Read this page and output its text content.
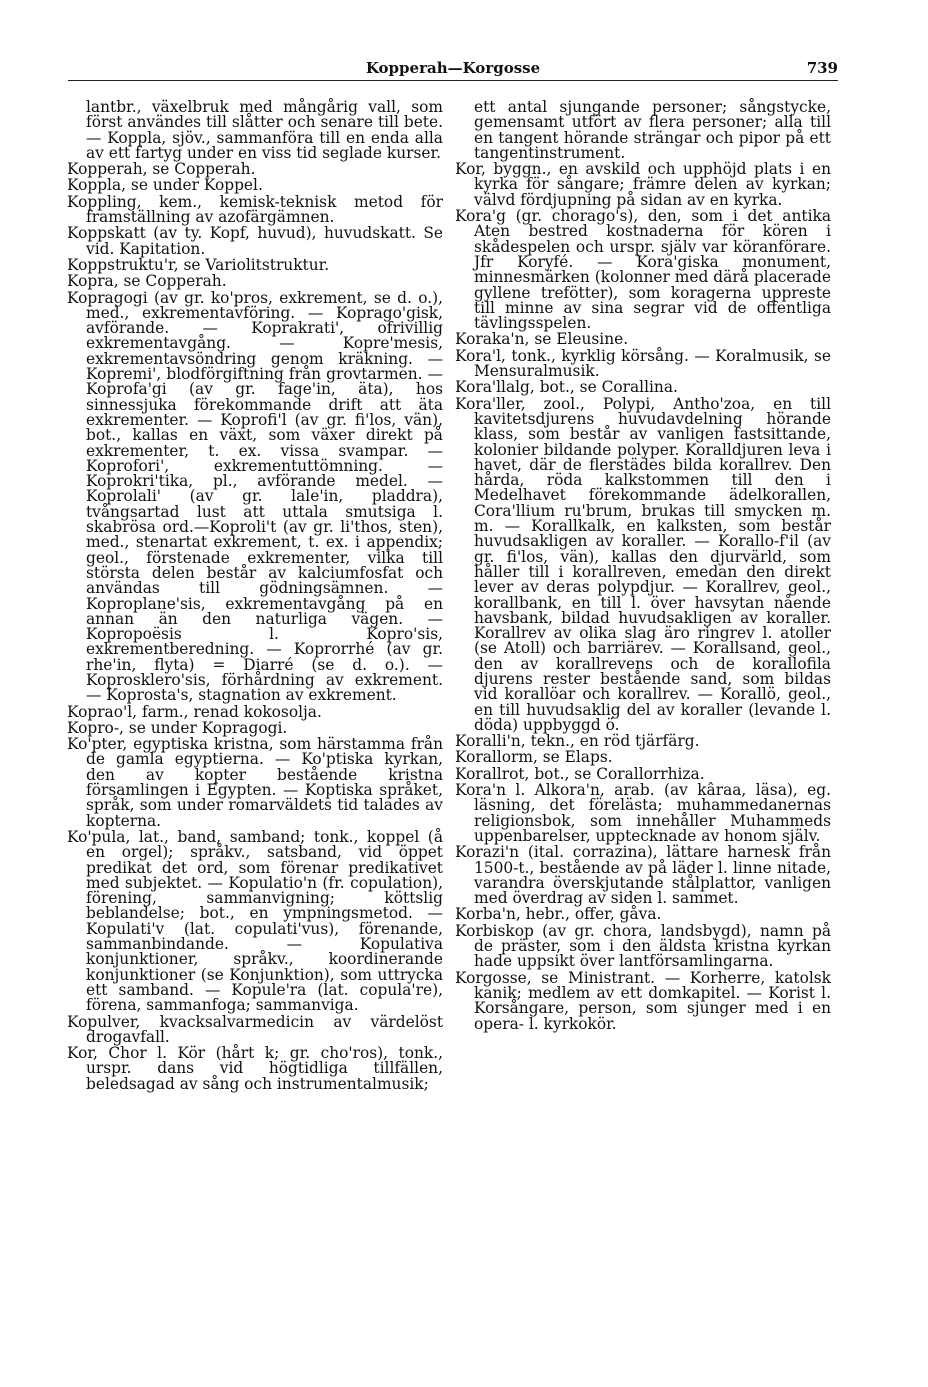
Kopperah—Korgosse	739

lantbr., växelbruk med mångårig vall, som först användes till slåtter och senare till bete. — Koppla, sjöv., sammanföra till en enda alla av ett fartyg under en viss tid seglade kurser.

Kopperah, se Copperah.

Koppla, se under Koppel.

Koppling, kem., kemisk-teknisk metod för framställning av azofärgämnen.

Koppskatt (av ty. Kopf, huvud), huvudskatt. Se vid. Kapitation.

Koppstruktu'r, se Variolitstruktur.

Kopra, se Copperah.

Kopragogi (av gr. ko'pros, exkrement, se d. o.), med., exkrementavföring. — Koprago'gisk, avförande. — Koprakrati', ofrivillig exkrementavgång. — Kopre'mesis, exkrementavsöndring genom kräkning. — Kopremi', blodförgiftning från grovtarmen. — Koprofa'gi (av gr. fage'in, äta), hos sinnessjuka förekommande drift att äta exkrementer. — Koprofi'l (av gr. fi'los, vän), bot., kallas en växt, som växer direkt på exkrementer, t. ex. vissa svampar. — Koprofori', exkrementuttömning. — Koprokri'tika, pl., avförande medel. — Koprolali' (av gr. lale'in, pladdra), tvångsartad lust att uttala smutsiga l. skabrösa ord.—Koproli't (av gr. li'thos, sten), med., stenartat exkrement, t. ex. i appendix; geol., förstenade exkrementer, vilka till största delen består av kalciumfosfat och användas till gödningsämnen. — Koproplane'sis, exkrementavgång på en annan än den naturliga vägen. — Kopropoësis l. Kopro'sis, exkrementberedning. — Koprorrhé (av gr. rhe'in, flyta) = Diarré (se d. o.). — Koprosklero'sis, förhårdning av exkrement. — Koprosta's, stagnation av exkrement.

Koprao'l, farm., renad kokosolja.

Kopro-, se under Kopragogi.

Ko'pter, egyptiska kristna, som härstamma från de gamla egyptierna. — Ko'ptiska kyrkan, den av kopter bestående kristna församlingen i Egypten. — Koptiska språket, språk, som under romarväldets tid talades av kopterna.

Ko'pula, lat., band, samband; tonk., koppel (å en orgel); språkv., satsband, vid öppet predikat det ord, som förenar predikativet med subjektet. — Kopulatio'n (fr. copulation), förening, sammanvigning; köttslig beblandelse; bot., en ympningsmetod. — Kopulati'v (lat. copulati'vus), förenande, sammanbindande. — Kopulativa konjunktioner, språkv., koordinerande konjunktioner (se Konjunktion), som uttrycka ett samband. — Kopule'ra (lat. copula're), förena, sammanfoga; sammanviga.

Kopulver, kvacksalvarmedicin av värdelöst drogavfall.

Kor, Chor l. Kör (hårt k; gr. cho'ros), tonk., urspr. dans vid högtidliga tillfällen, beledsagad av sång och instrumentalmusik;

ett antal sjungande personer; sångstycke, gemensamt utfört av flera personer; alla till en tangent hörande strängar och pipor på ett tangentinstrument.

Kor, byggn., en avskild och upphöjd plats i en kyrka för sångare; främre delen av kyrkan; välvd fördjupning på sidan av en kyrka.

Kora'g (gr. chorago's), den, som i det antika Aten bestred kostnaderna för kören i skådespelen och urspr. själv var köranförare. Jfr Koryfé. — Kora'giska monument, minnesmärken (kolonner med därå placerade gyllene trefötter), som koragerna uppreste till minne av sina segrar vid de offentliga tävlingsspelen.

Koraka'n, se Eleusine.

Kora'l, tonk., kyrklig körsång. — Koralmusik, se Mensuralmusik.

Kora'llalg, bot., se Corallina.

Kora'ller, zool., Polypi, Antho'zoa, en till kavitetsdjurens huvudavdelning hörande klass, som består av vanligen fastsittande, kolonier bildande polyper. Koralldjuren leva i havet, där de flerstädes bilda korallrev. Den hårda, röda kalkstommen till den i Medelhavet förekommande ädelkorallen, Cora'llium ru'brum, brukas till smycken m. m. — Korallkalk, en kalksten, som består huvudsakligen av koraller. — Korallo-f'il (av gr. fi'los, vän), kallas den djurvärld, som håller till i korallreven, emedan den direkt lever av deras polypdjur. — Korallrev, geol., korallbank, en till l. över havsytan nående havsbank, bildad huvudsakligen av koraller. Korallrev av olika slag äro ringrev l. atoller (se Atoll) och barriärev. — Korallsand, geol., den av korallrevens och de korallofila djurens rester bestående sand, som bildas vid korallöar och korallrev. — Korallö, geol., en till huvudsaklig del av koraller (levande l. döda) uppbyggd ö.

Koralli'n, tekn., en röd tjärfärg.

Korallorm, se Elaps.

Korallrot, bot., se Corallorrhiza.

Kora'n l. Alkora'n, arab. (av kâraa, läsa), eg. läsning, det förelästa; muhammedanernas religionsbok, som innehåller Muhammeds uppenbarelser, upptecknade av honom själv.

Korazi'n (ital. corrazina), lättare harnesk från 1500-t., bestående av på läder l. linne nitade, varandra överskjutande stålplattor, vanligen med överdrag av siden l. sammet.

Korba'n, hebr., offer, gåva.

Korbiskop (av gr. chora, landsbygd), namn på de präster, som i den äldsta kristna kyrkan hade uppsikt över lantförsamlingarna.

Korgosse, se Ministrant. — Korherre, katolsk kanik; medlem av ett domkapitel. — Korist l. Korsångare, person, som sjunger med i en opera- l. kyrkokör.
